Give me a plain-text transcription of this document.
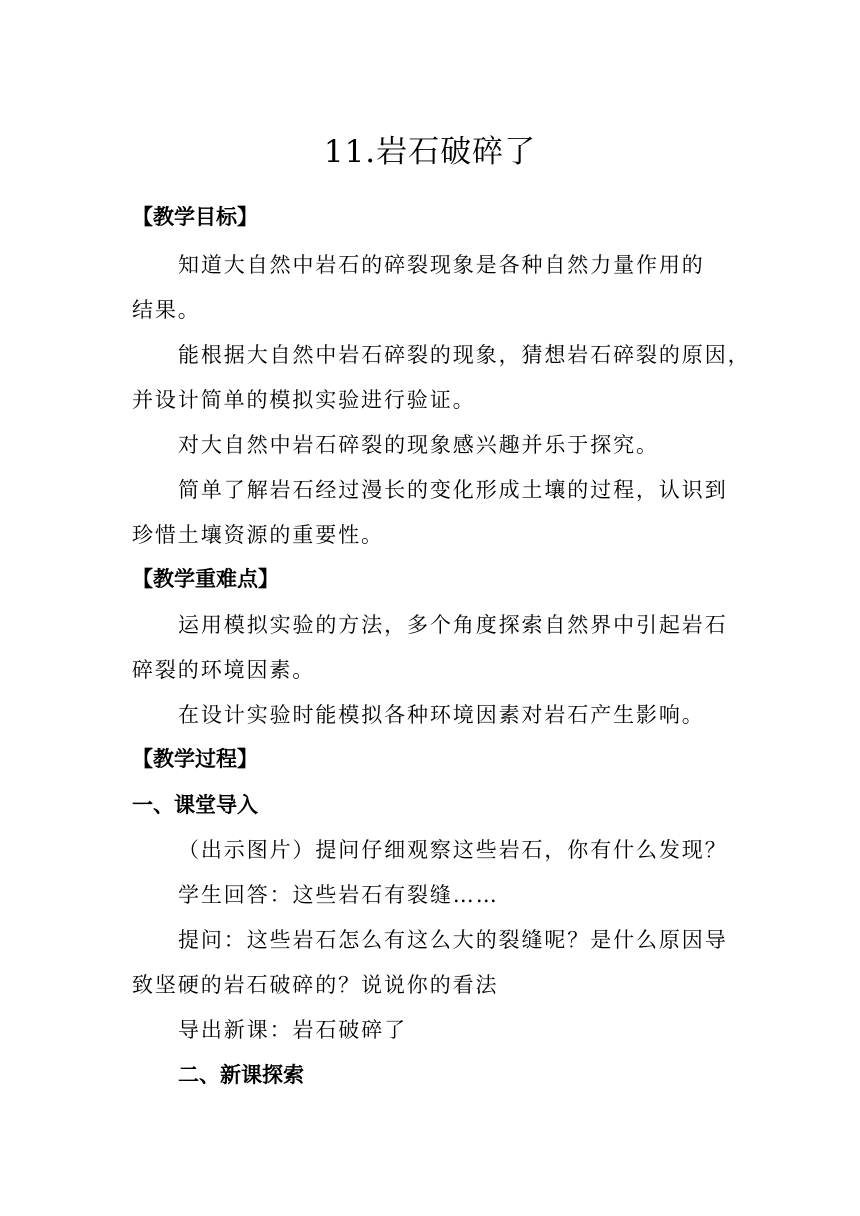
11.岩石破碎了
【教学目标】
知道大自然中岩石的碎裂现象是各种自然力量作用的
结果。
能根据大自然中岩石碎裂的现象，猜想岩石碎裂的原因，
并设计简单的模拟实验进行验证。
对大自然中岩石碎裂的现象感兴趣并乐于探究。
简单了解岩石经过漫长的变化形成土壤的过程，认识到
珍惜土壤资源的重要性。
【教学重难点】
运用模拟实验的方法，多个角度探索自然界中引起岩石
碎裂的环境因素。
在设计实验时能模拟各种环境因素对岩石产生影响。
【教学过程】
一、课堂导入
（出示图片）提问仔细观察这些岩石，你有什么发现？
学生回答：这些岩石有裂缝……
提问：这些岩石怎么有这么大的裂缝呢？是什么原因导
致坚硬的岩石破碎的？说说你的看法
导出新课：岩石破碎了
二、新课探索
